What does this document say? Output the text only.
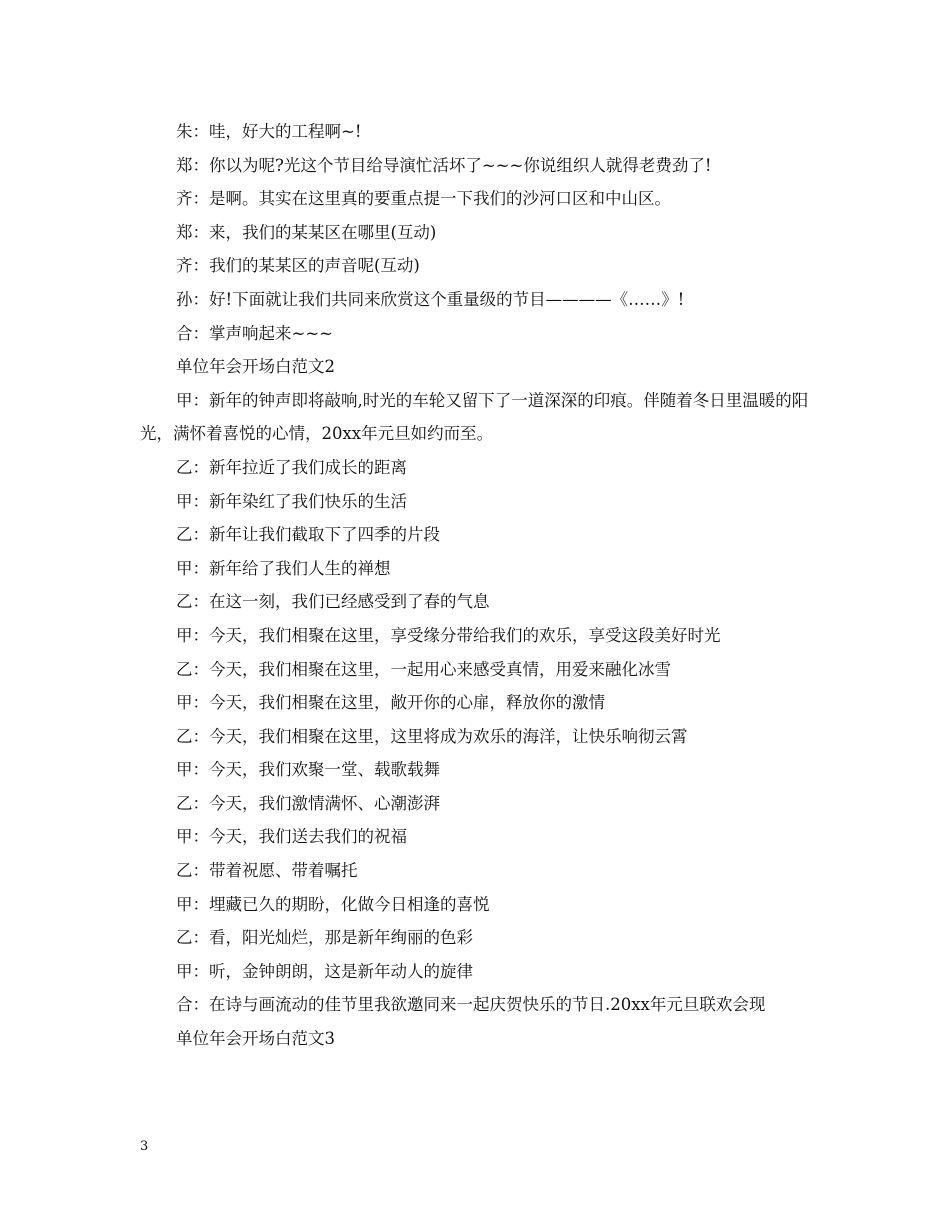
朱：哇，好大的工程啊~!

郑：你以为呢?光这个节目给导演忙活坏了~~~你说组织人就得老费劲了!

齐：是啊。其实在这里真的要重点提一下我们的沙河口区和中山区。

郑：来，我们的某某区在哪里(互动)

齐：我们的某某区的声音呢(互动)

孙：好!下面就让我们共同来欣赏这个重量级的节目————《……》!

合：掌声响起来~~~

单位年会开场白范文2

甲：新年的钟声即将敲响,时光的车轮又留下了一道深深的印痕。伴随着冬日里温暖的阳光，满怀着喜悦的心情，20xx年元旦如约而至。

乙：新年拉近了我们成长的距离

甲：新年染红了我们快乐的生活

乙：新年让我们截取下了四季的片段

甲：新年给了我们人生的禅想

乙：在这一刻，我们已经感受到了春的气息

甲：今天，我们相聚在这里，享受缘分带给我们的欢乐，享受这段美好时光

乙：今天，我们相聚在这里，一起用心来感受真情，用爱来融化冰雪

甲：今天，我们相聚在这里，敞开你的心扉，释放你的激情

乙：今天，我们相聚在这里，这里将成为欢乐的海洋，让快乐响彻云霄

甲：今天，我们欢聚一堂、载歌载舞

乙：今天，我们激情满怀、心潮澎湃

甲：今天，我们送去我们的祝福

乙：带着祝愿、带着嘱托

甲：埋藏已久的期盼，化做今日相逢的喜悦

乙：看，阳光灿烂，那是新年绚丽的色彩

甲：听，金钟朗朗，这是新年动人的旋律

合：在诗与画流动的佳节里我欲邀同来一起庆贺快乐的节日.20xx年元旦联欢会现

单位年会开场白范文3

3
